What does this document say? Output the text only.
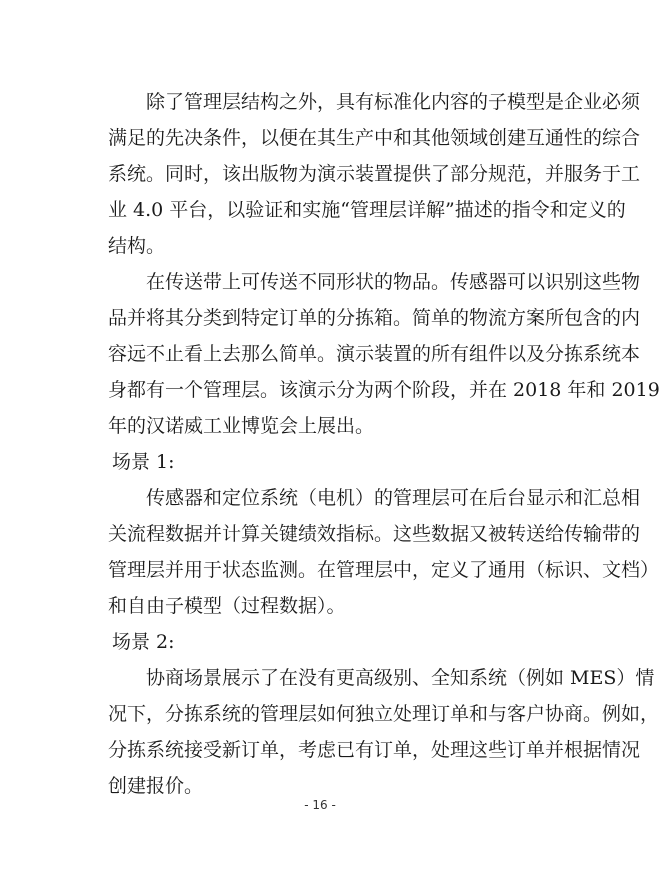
　　除了管理层结构之外，具有标准化内容的子模型是企业必须
满足的先决条件，以便在其生产中和其他领域创建互通性的综合
系统。同时，该出版物为演示装置提供了部分规范，并服务于工
业 4.0 平台，以验证和实施“管理层详解”描述的指令和定义的
结构。
　　在传送带上可传送不同形状的物品。传感器可以识别这些物
品并将其分类到特定订单的分拣箱。简单的物流方案所包含的内
容远不止看上去那么简单。演示装置的所有组件以及分拣系统本
身都有一个管理层。该演示分为两个阶段，并在 2018 年和 2019
年的汉诺威工业博览会上展出。
场景 1:
　　传感器和定位系统（电机）的管理层可在后台显示和汇总相
关流程数据并计算关键绩效指标。这些数据又被转送给传输带的
管理层并用于状态监测。在管理层中，定义了通用（标识、文档）
和自由子模型（过程数据）。
场景 2:
　　协商场景展示了在没有更高级别、全知系统（例如 MES）情
况下，分拣系统的管理层如何独立处理订单和与客户协商。例如，
分拣系统接受新订单，考虑已有订单，处理这些订单并根据情况
创建报价。
- 16 -
